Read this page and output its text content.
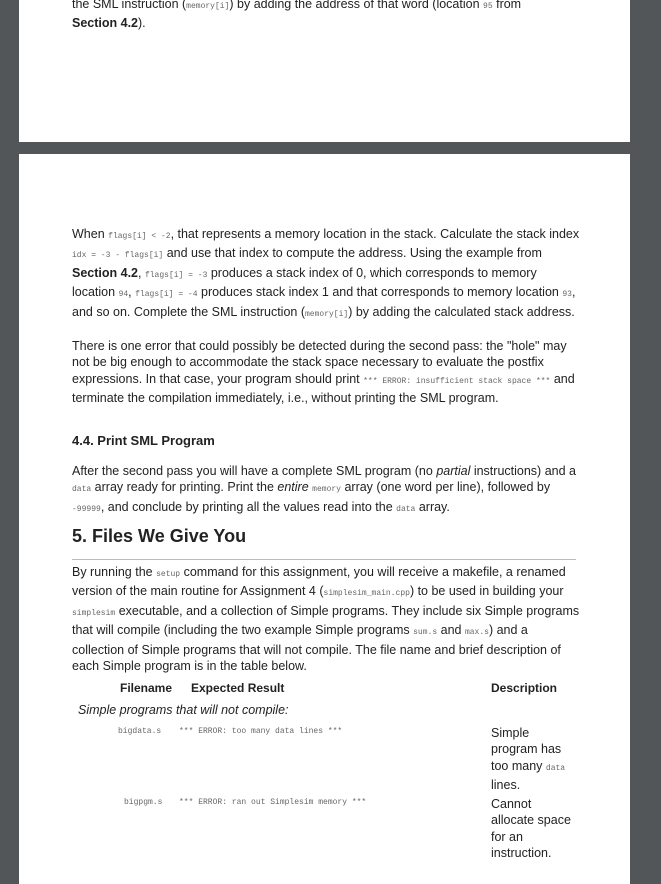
the SML instruction (memory[i]) by adding the address of that word (location 95 from
Section 4.2).

When flags[i] < -2, that represents a memory location in the stack. Calculate the stack index idx = -3 - flags[i] and use that index to compute the address. Using the example from Section 4.2, flags[i] = -3 produces a stack index of 0, which corresponds to memory location 94, flags[i] = -4 produces stack index 1 and that corresponds to memory location 93, and so on. Complete the SML instruction (memory[i]) by adding the calculated stack address.

There is one error that could possibly be detected during the second pass: the "hole" may not be big enough to accommodate the stack space necessary to evaluate the postfix expressions. In that case, your program should print *** ERROR: insufficient stack space *** and terminate the compilation immediately, i.e., without printing the SML program.

4.4. Print SML Program

After the second pass you will have a complete SML program (no partial instructions) and a data array ready for printing. Print the entire memory array (one word per line), followed by -99999, and conclude by printing all the values read into the data array.

5. Files We Give You

By running the setup command for this assignment, you will receive a makefile, a renamed version of the main routine for Assignment 4 (simplesim_main.cpp) to be used in building your simplesim executable, and a collection of Simple programs. They include six Simple programs that will compile (including the two example Simple programs sum.s and max.s) and a collection of Simple programs that will not compile. The file name and brief description of each Simple program is in the table below.

Filename Expected Result	Description
Simple programs that will not compile:
bigdata.s *** ERROR: too many data lines ***	Simple program has too many data lines.

bigpgm.s *** ERROR: ran out Simplesim memory ***	Cannot allocate space for an instruction.
